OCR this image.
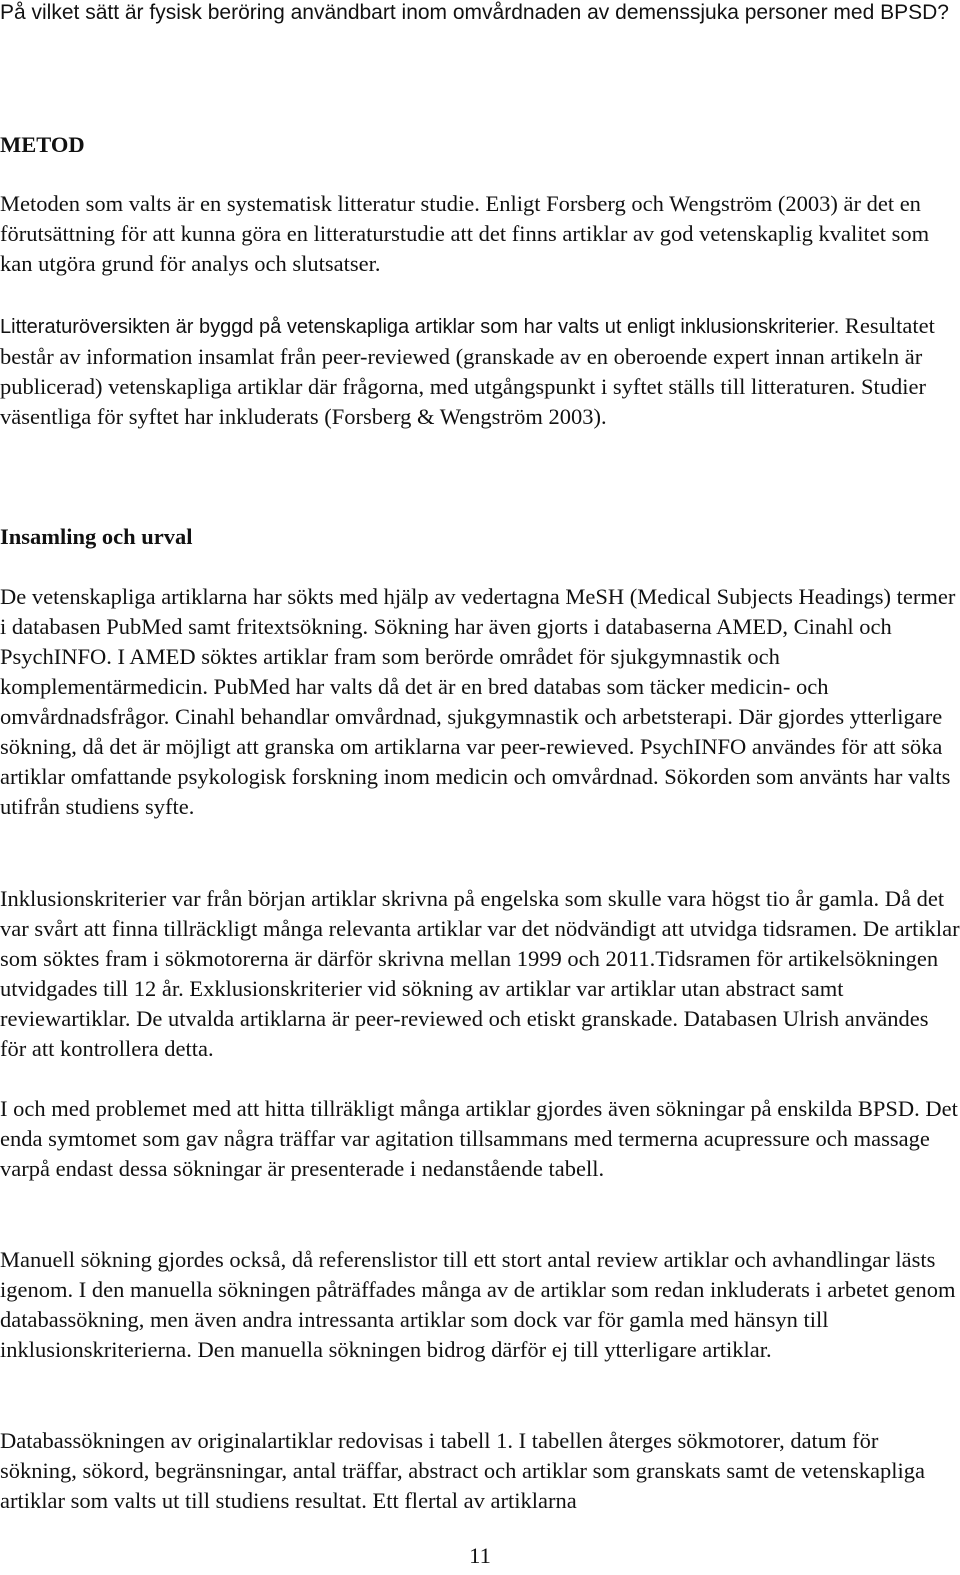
På vilket sätt är fysisk beröring användbart inom omvårdnaden av demenssjuka personer med BPSD?

METOD

Metoden som valts är en systematisk litteratur studie. Enligt Forsberg och Wengström (2003) är det en förutsättning för att kunna göra en litteraturstudie att det finns artiklar av god vetenskaplig kvalitet som kan utgöra grund för analys och slutsatser.

Litteraturöversikten är byggd på vetenskapliga artiklar som har valts ut enligt inklusionskriterier. Resultatet består av information insamlat från peer-reviewed (granskade av en oberoende expert innan artikeln är publicerad) vetenskapliga artiklar där frågorna, med utgångspunkt i syftet ställs till litteraturen. Studier väsentliga för syftet har inkluderats (Forsberg & Wengström 2003).

Insamling och urval

De vetenskapliga artiklarna har sökts med hjälp av vedertagna MeSH (Medical Subjects Headings) termer i databasen PubMed samt fritextsökning. Sökning har även gjorts i databaserna AMED, Cinahl och PsychINFO. I AMED söktes artiklar fram som berörde området för sjukgymnastik och komplementärmedicin. PubMed har valts då det är en bred databas som täcker medicin- och omvårdnadsfrågor. Cinahl behandlar omvårdnad, sjukgymnastik och arbetsterapi. Där gjordes ytterligare sökning, då det är möjligt att granska om artiklarna var peer-rewieved. PsychINFO användes för att söka artiklar omfattande psykologisk forskning inom medicin och omvårdnad. Sökorden som använts har valts utifrån studiens syfte.

Inklusionskriterier var från början artiklar skrivna på engelska som skulle vara högst tio år gamla. Då det var svårt att finna tillräckligt många relevanta artiklar var det nödvändigt att utvidga tidsramen. De artiklar som söktes fram i sökmotorerna är därför skrivna mellan 1999 och 2011.Tidsramen för artikelsökningen utvidgades till 12 år. Exklusionskriterier vid sökning av artiklar var artiklar utan abstract samt reviewartiklar. De utvalda artiklarna är peer-reviewed och etiskt granskade. Databasen Ulrish användes för att kontrollera detta.

I och med problemet med att hitta tillräkligt många artiklar gjordes även sökningar på enskilda BPSD. Det enda symtomet som gav några träffar var agitation tillsammans med termerna acupressure och massage varpå endast dessa sökningar är presenterade i nedanstående tabell.

Manuell sökning gjordes också, då referenslistor till ett stort antal review artiklar och avhandlingar lästs igenom. I den manuella sökningen påträffades många av de artiklar som redan inkluderats i arbetet genom databassökning, men även andra intressanta artiklar som dock var för gamla med hänsyn till inklusionskriterierna. Den manuella sökningen bidrog därför ej till ytterligare artiklar.

Databassökningen av originalartiklar redovisas i tabell 1. I tabellen återges sökmotorer, datum för sökning, sökord, begränsningar, antal träffar, abstract och artiklar som granskats samt de vetenskapliga artiklar som valts ut till studiens resultat. Ett flertal av artiklarna

11
